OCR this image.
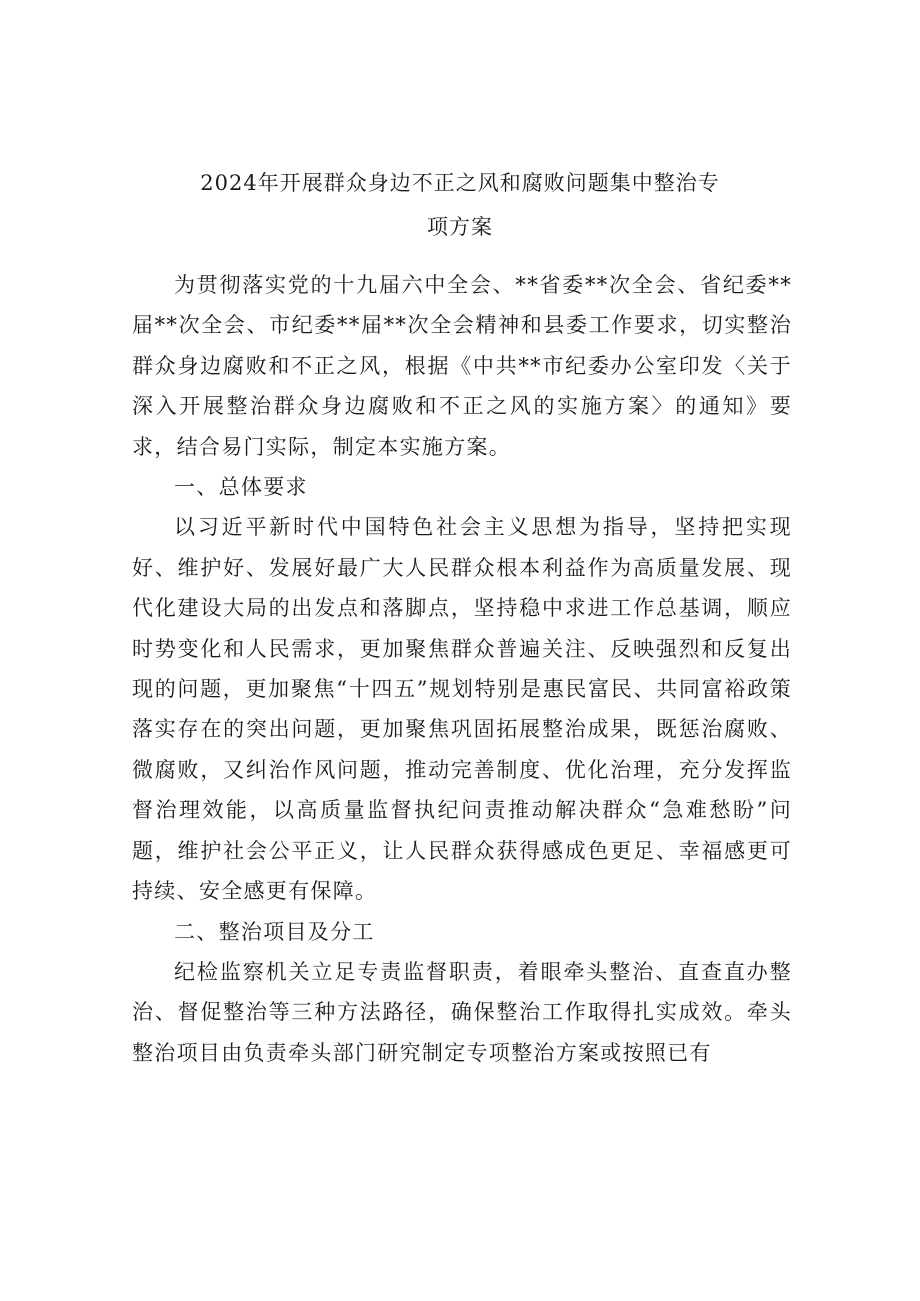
2024年开展群众身边不正之风和腐败问题集中整治专
项方案

为贯彻落实党的十九届六中全会、**省委**次全会、省纪委**届**次全会、市纪委**届**次全会精神和县委工作要求，切实整治群众身边腐败和不正之风，根据《中共**市纪委办公室印发〈关于深入开展整治群众身边腐败和不正之风的实施方案〉的通知》要求，结合易门实际，制定本实施方案。

一、总体要求

以习近平新时代中国特色社会主义思想为指导，坚持把实现好、维护好、发展好最广大人民群众根本利益作为高质量发展、现代化建设大局的出发点和落脚点，坚持稳中求进工作总基调，顺应时势变化和人民需求，更加聚焦群众普遍关注、反映强烈和反复出现的问题，更加聚焦“十四五”规划特别是惠民富民、共同富裕政策落实存在的突出问题，更加聚焦巩固拓展整治成果，既惩治腐败、微腐败，又纠治作风问题，推动完善制度、优化治理，充分发挥监督治理效能，以高质量监督执纪问责推动解决群众“急难愁盼”问题，维护社会公平正义，让人民群众获得感成色更足、幸福感更可持续、安全感更有保障。

二、整治项目及分工

纪检监察机关立足专责监督职责，着眼牵头整治、直查直办整治、督促整治等三种方法路径，确保整治工作取得扎实成效。牵头整治项目由负责牵头部门研究制定专项整治方案或按照已有
